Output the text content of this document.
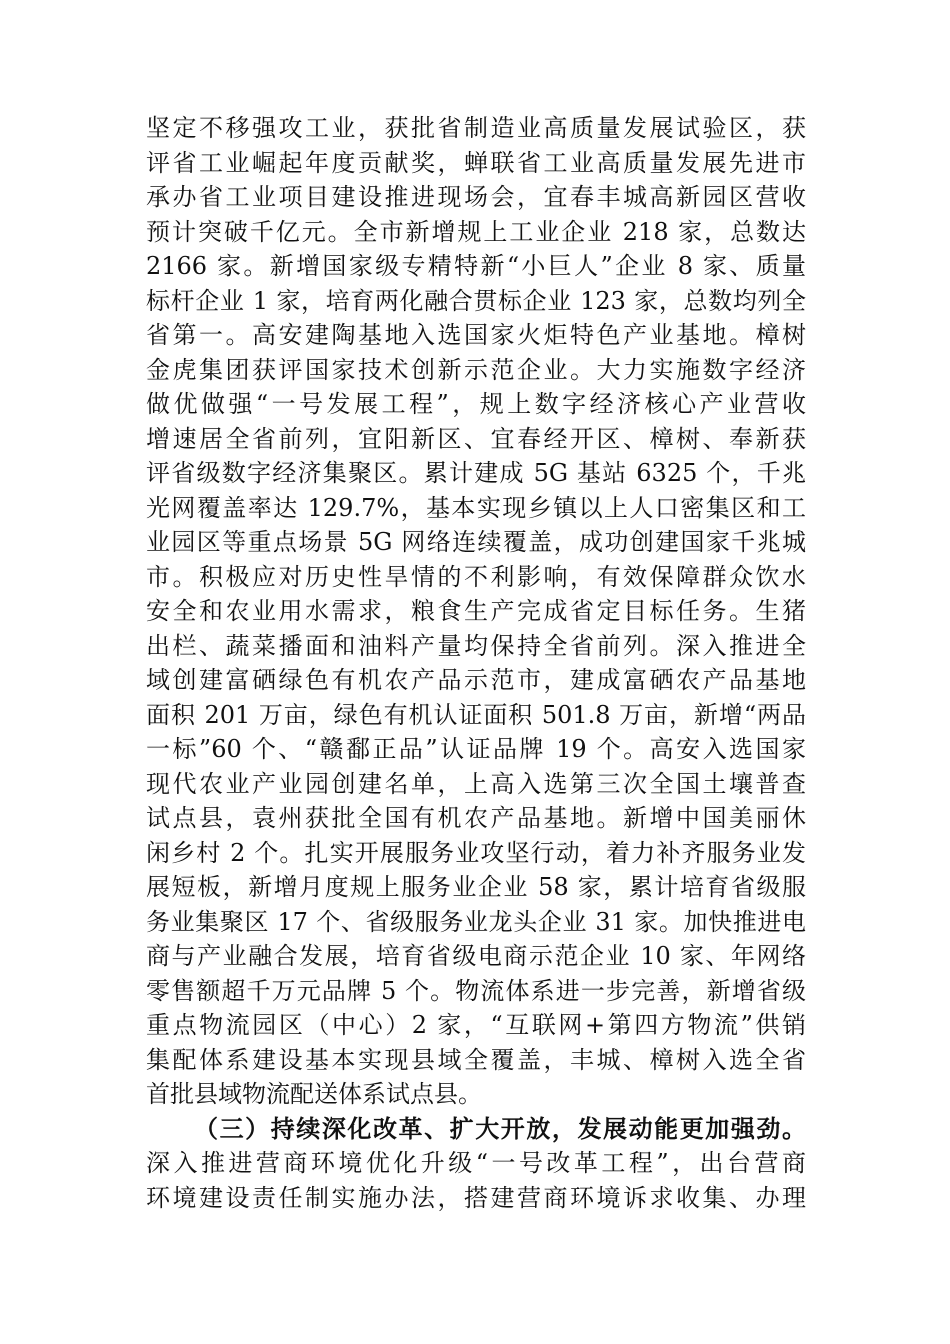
坚定不移强攻工业，获批省制造业高质量发展试验区，获
评省工业崛起年度贡献奖，蝉联省工业高质量发展先进市
承办省工业项目建设推进现场会，宜春丰城高新园区营收
预计突破千亿元。全市新增规上工业企业 218 家，总数达
2166 家。新增国家级专精特新“小巨人”企业 8 家、质量
标杆企业 1 家，培育两化融合贯标企业 123 家，总数均列全
省第一。高安建陶基地入选国家火炬特色产业基地。樟树
金虎集团获评国家技术创新示范企业。大力实施数字经济
做优做强“一号发展工程”，规上数字经济核心产业营收
增速居全省前列，宜阳新区、宜春经开区、樟树、奉新获
评省级数字经济集聚区。累计建成 5G 基站 6325 个，千兆
光网覆盖率达 129.7%，基本实现乡镇以上人口密集区和工
业园区等重点场景 5G 网络连续覆盖，成功创建国家千兆城
市。积极应对历史性旱情的不利影响，有效保障群众饮水
安全和农业用水需求，粮食生产完成省定目标任务。生猪
出栏、蔬菜播面和油料产量均保持全省前列。深入推进全
域创建富硒绿色有机农产品示范市，建成富硒农产品基地
面积 201 万亩，绿色有机认证面积 501.8 万亩，新增“两品
一标”60 个、“赣鄱正品”认证品牌 19 个。高安入选国家
现代农业产业园创建名单，上高入选第三次全国土壤普查
试点县，袁州获批全国有机农产品基地。新增中国美丽休
闲乡村 2 个。扎实开展服务业攻坚行动，着力补齐服务业发
展短板，新增月度规上服务业企业 58 家，累计培育省级服
务业集聚区 17 个、省级服务业龙头企业 31 家。加快推进电
商与产业融合发展，培育省级电商示范企业 10 家、年网络
零售额超千万元品牌 5 个。物流体系进一步完善，新增省级
重点物流园区（中心）2 家，“互联网+第四方物流”供销
集配体系建设基本实现县域全覆盖，丰城、樟树入选全省
首批县域物流配送体系试点县。
（三）持续深化改革、扩大开放，发展动能更加强劲。
深入推进营商环境优化升级“一号改革工程”，出台营商
环境建设责任制实施办法，搭建营商环境诉求收集、办理
